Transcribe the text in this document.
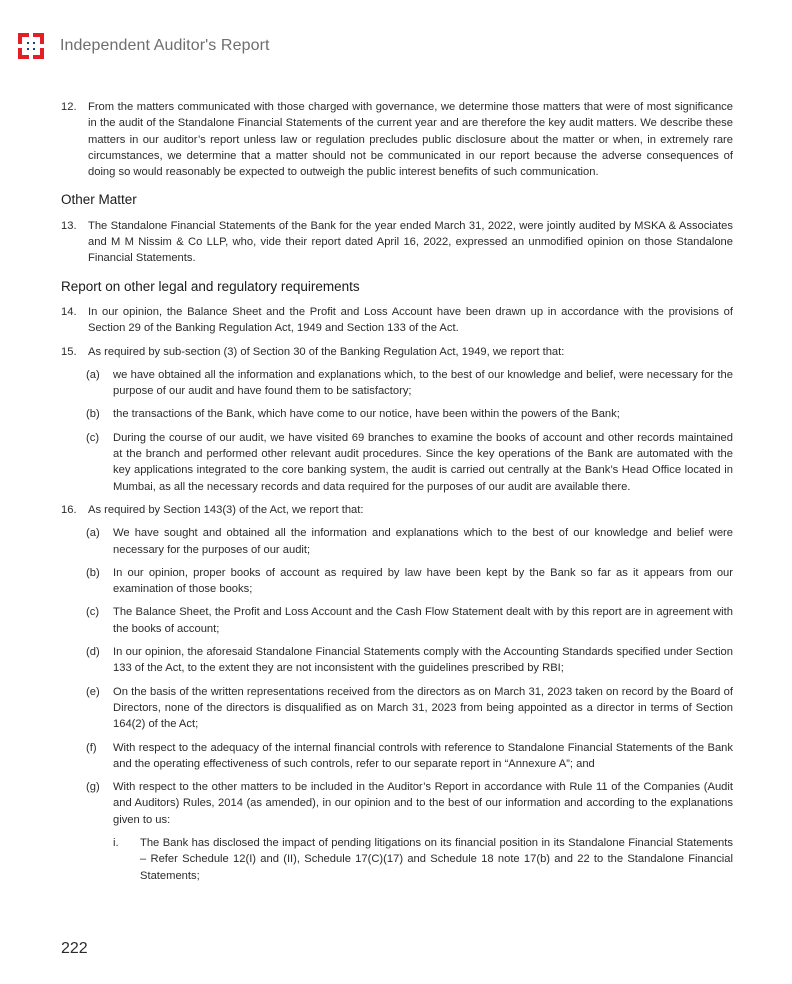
Independent Auditor's Report
12. From the matters communicated with those charged with governance, we determine those matters that were of most significance in the audit of the Standalone Financial Statements of the current year and are therefore the key audit matters. We describe these matters in our auditor’s report unless law or regulation precludes public disclosure about the matter or when, in extremely rare circumstances, we determine that a matter should not be communicated in our report because the adverse consequences of doing so would reasonably be expected to outweigh the public interest benefits of such communication.
Other Matter
13. The Standalone Financial Statements of the Bank for the year ended March 31, 2022, were jointly audited by MSKA & Associates and M M Nissim & Co LLP, who, vide their report dated April 16, 2022, expressed an unmodified opinion on those Standalone Financial Statements.
Report on other legal and regulatory requirements
14. In our opinion, the Balance Sheet and the Profit and Loss Account have been drawn up in accordance with the provisions of Section 29 of the Banking Regulation Act, 1949 and Section 133 of the Act.
15. As required by sub-section (3) of Section 30 of the Banking Regulation Act, 1949, we report that:
(a) we have obtained all the information and explanations which, to the best of our knowledge and belief, were necessary for the purpose of our audit and have found them to be satisfactory;
(b) the transactions of the Bank, which have come to our notice, have been within the powers of the Bank;
(c) During the course of our audit, we have visited 69 branches to examine the books of account and other records maintained at the branch and performed other relevant audit procedures. Since the key operations of the Bank are automated with the key applications integrated to the core banking system, the audit is carried out centrally at the Bank’s Head Office located in Mumbai, as all the necessary records and data required for the purposes of our audit are available there.
16. As required by Section 143(3) of the Act, we report that:
(a) We have sought and obtained all the information and explanations which to the best of our knowledge and belief were necessary for the purposes of our audit;
(b) In our opinion, proper books of account as required by law have been kept by the Bank so far as it appears from our examination of those books;
(c) The Balance Sheet, the Profit and Loss Account and the Cash Flow Statement dealt with by this report are in agreement with the books of account;
(d) In our opinion, the aforesaid Standalone Financial Statements comply with the Accounting Standards specified under Section 133 of the Act, to the extent they are not inconsistent with the guidelines prescribed by RBI;
(e) On the basis of the written representations received from the directors as on March 31, 2023 taken on record by the Board of Directors, none of the directors is disqualified as on March 31, 2023 from being appointed as a director in terms of Section 164(2) of the Act;
(f) With respect to the adequacy of the internal financial controls with reference to Standalone Financial Statements of the Bank and the operating effectiveness of such controls, refer to our separate report in “Annexure A”; and
(g) With respect to the other matters to be included in the Auditor’s Report in accordance with Rule 11 of the Companies (Audit and Auditors) Rules, 2014 (as amended), in our opinion and to the best of our information and according to the explanations given to us:
i. The Bank has disclosed the impact of pending litigations on its financial position in its Standalone Financial Statements – Refer Schedule 12(I) and (II), Schedule 17(C)(17) and Schedule 18 note 17(b) and 22 to the Standalone Financial Statements;
222
